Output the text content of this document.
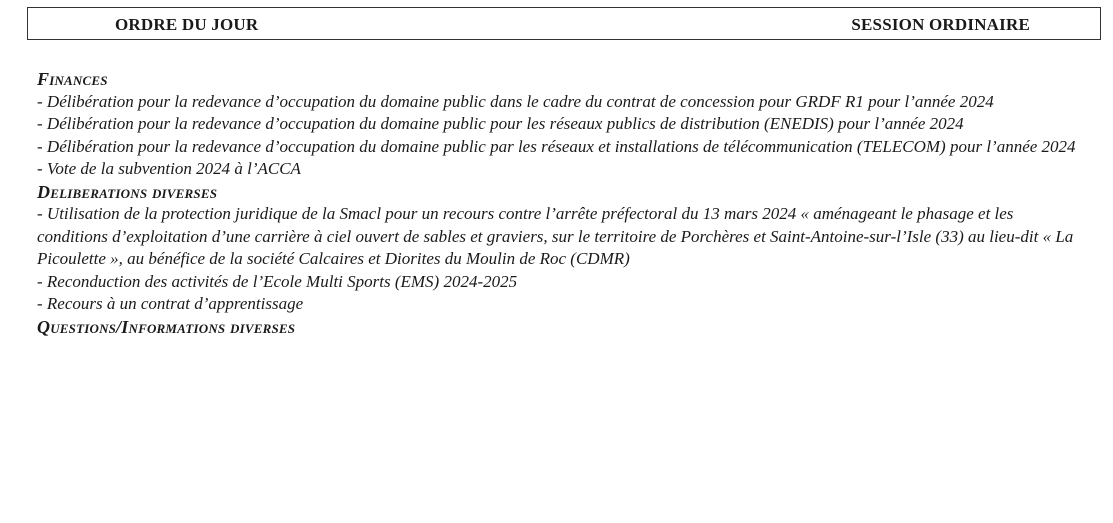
ORDRE DU JOUR	SESSION ORDINAIRE
Finances

- Délibération pour la redevance d’occupation du domaine public dans le cadre du contrat de concession pour GRDF R1 pour l’année 2024

- Délibération pour la redevance d’occupation du domaine public pour les réseaux publics de distribution (ENEDIS) pour l’année 2024

- Délibération pour la redevance d’occupation du domaine public par les réseaux et installations de télécommunication (TELECOM) pour l’année 2024

- Vote de la subvention 2024 à l’ACCA

Deliberations diverses

- Utilisation de la protection juridique de la Smacl pour un recours contre l’arrête préfectoral du 13 mars 2024 « aménageant le phasage et les conditions d’exploitation d’une carrière à ciel ouvert de sables et graviers, sur le territoire de Porchères et Saint-Antoine-sur-l’Isle (33) au lieu-dit « La Picoulette », au bénéfice de la société Calcaires et Diorites du Moulin de Roc (CDMR)

- Reconduction des activités de l’Ecole Multi Sports (EMS) 2024-2025

- Recours à un contrat d’apprentissage

Questions/Informations diverses
